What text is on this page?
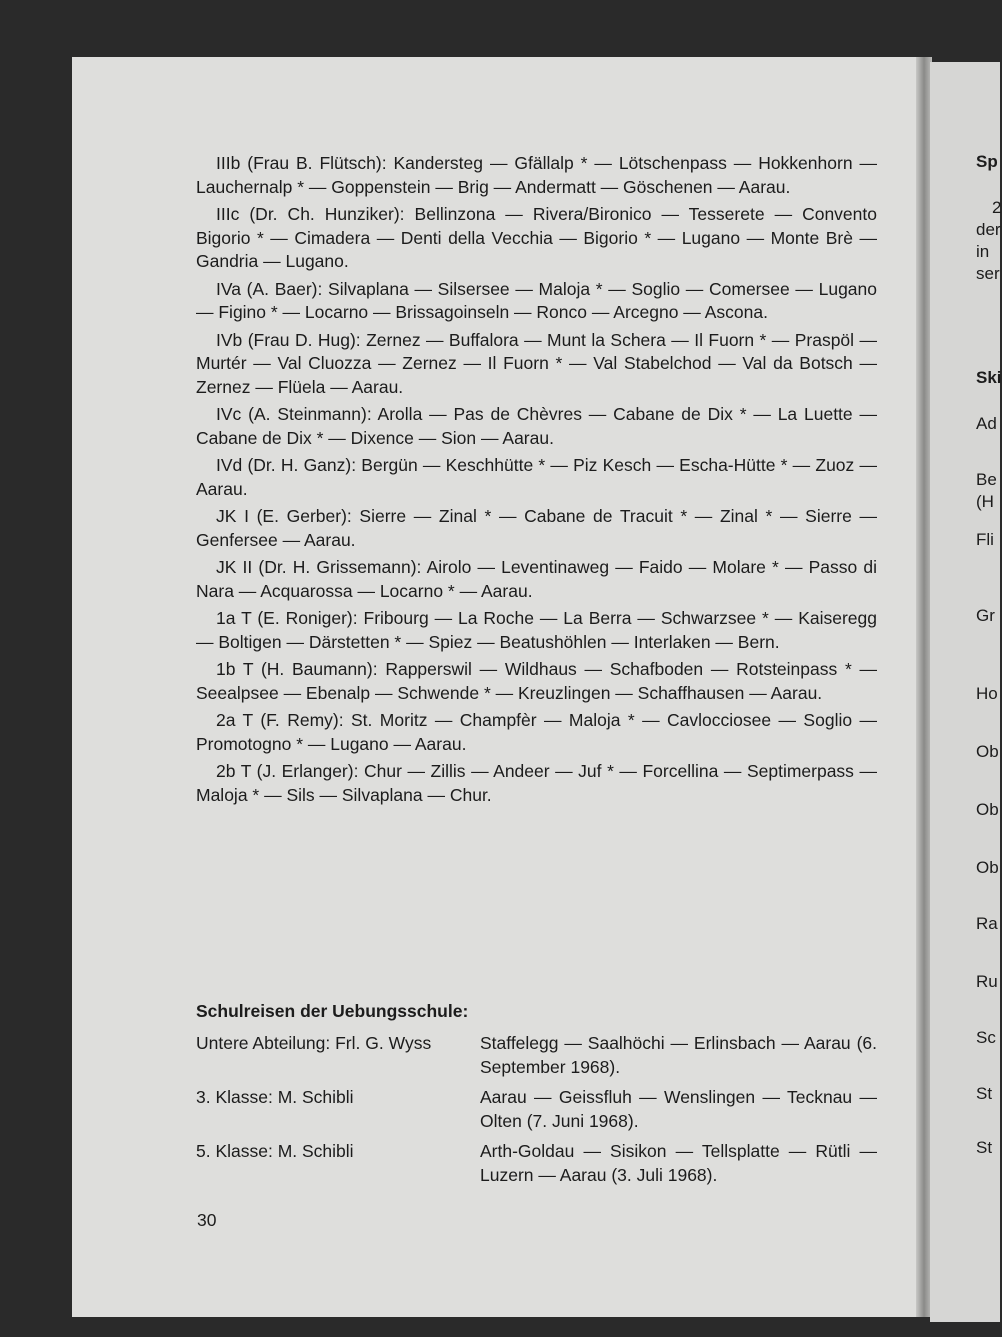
Sp
2
der
in
ser
Ski
Ad
Be
(H
Fli
Gr
Ho
Ob
Ob
Ob
Ra
Ru
Sc
St
St

IIIb (Frau B. Flütsch): Kandersteg — Gfällalp * — Lötschenpass — Hokkenhorn — Lauchernalp * — Goppenstein — Brig — Andermatt — Göschenen — Aarau.

IIIc (Dr. Ch. Hunziker): Bellinzona — Rivera/Bironico — Tesserete — Convento Bigorio * — Cimadera — Denti della Vecchia — Bigorio * — Lugano — Monte Brè — Gandria — Lugano.

IVa (A. Baer): Silvaplana — Silsersee — Maloja * — Soglio — Comersee — Lugano — Figino * — Locarno — Brissagoinseln — Ronco — Arcegno — Ascona.

IVb (Frau D. Hug): Zernez — Buffalora — Munt la Schera — Il Fuorn * — Praspöl — Murtér — Val Cluozza — Zernez — Il Fuorn * — Val Stabelchod — Val da Botsch — Zernez — Flüela — Aarau.

IVc (A. Steinmann): Arolla — Pas de Chèvres — Cabane de Dix * — La Luette — Cabane de Dix * — Dixence — Sion — Aarau.

IVd (Dr. H. Ganz): Bergün — Keschhütte * — Piz Kesch — Escha-Hütte * — Zuoz — Aarau.

JK I (E. Gerber): Sierre — Zinal * — Cabane de Tracuit * — Zinal * — Sierre — Genfersee — Aarau.

JK II (Dr. H. Grissemann): Airolo — Leventinaweg — Faido — Molare * — Passo di Nara — Acquarossa — Locarno * — Aarau.

1a T (E. Roniger): Fribourg — La Roche — La Berra — Schwarzsee * — Kaiseregg — Boltigen — Därstetten * — Spiez — Beatushöhlen — Interlaken — Bern.

1b T (H. Baumann): Rapperswil — Wildhaus — Schafboden — Rotsteinpass * — Seealpsee — Ebenalp — Schwende * — Kreuzlingen — Schaffhausen — Aarau.

2a T (F. Remy): St. Moritz — Champfèr — Maloja * — Cavlocciosee — Soglio — Promotogno * — Lugano — Aarau.

2b T (J. Erlanger): Chur — Zillis — Andeer — Juf * — Forcellina — Septimerpass — Maloja * — Sils — Silvaplana — Chur.

Schulreisen der Uebungsschule:
Untere Abteilung: Frl. G. Wyss	Staffelegg — Saalhöchi — Erlinsbach — Aarau (6. September 1968).
3. Klasse: M. Schibli	Aarau — Geissfluh — Wenslingen — Tecknau — Olten (7. Juni 1968).
5. Klasse: M. Schibli	Arth-Goldau — Sisikon — Tellsplatte — Rütli — Luzern — Aarau (3. Juli 1968).
30
